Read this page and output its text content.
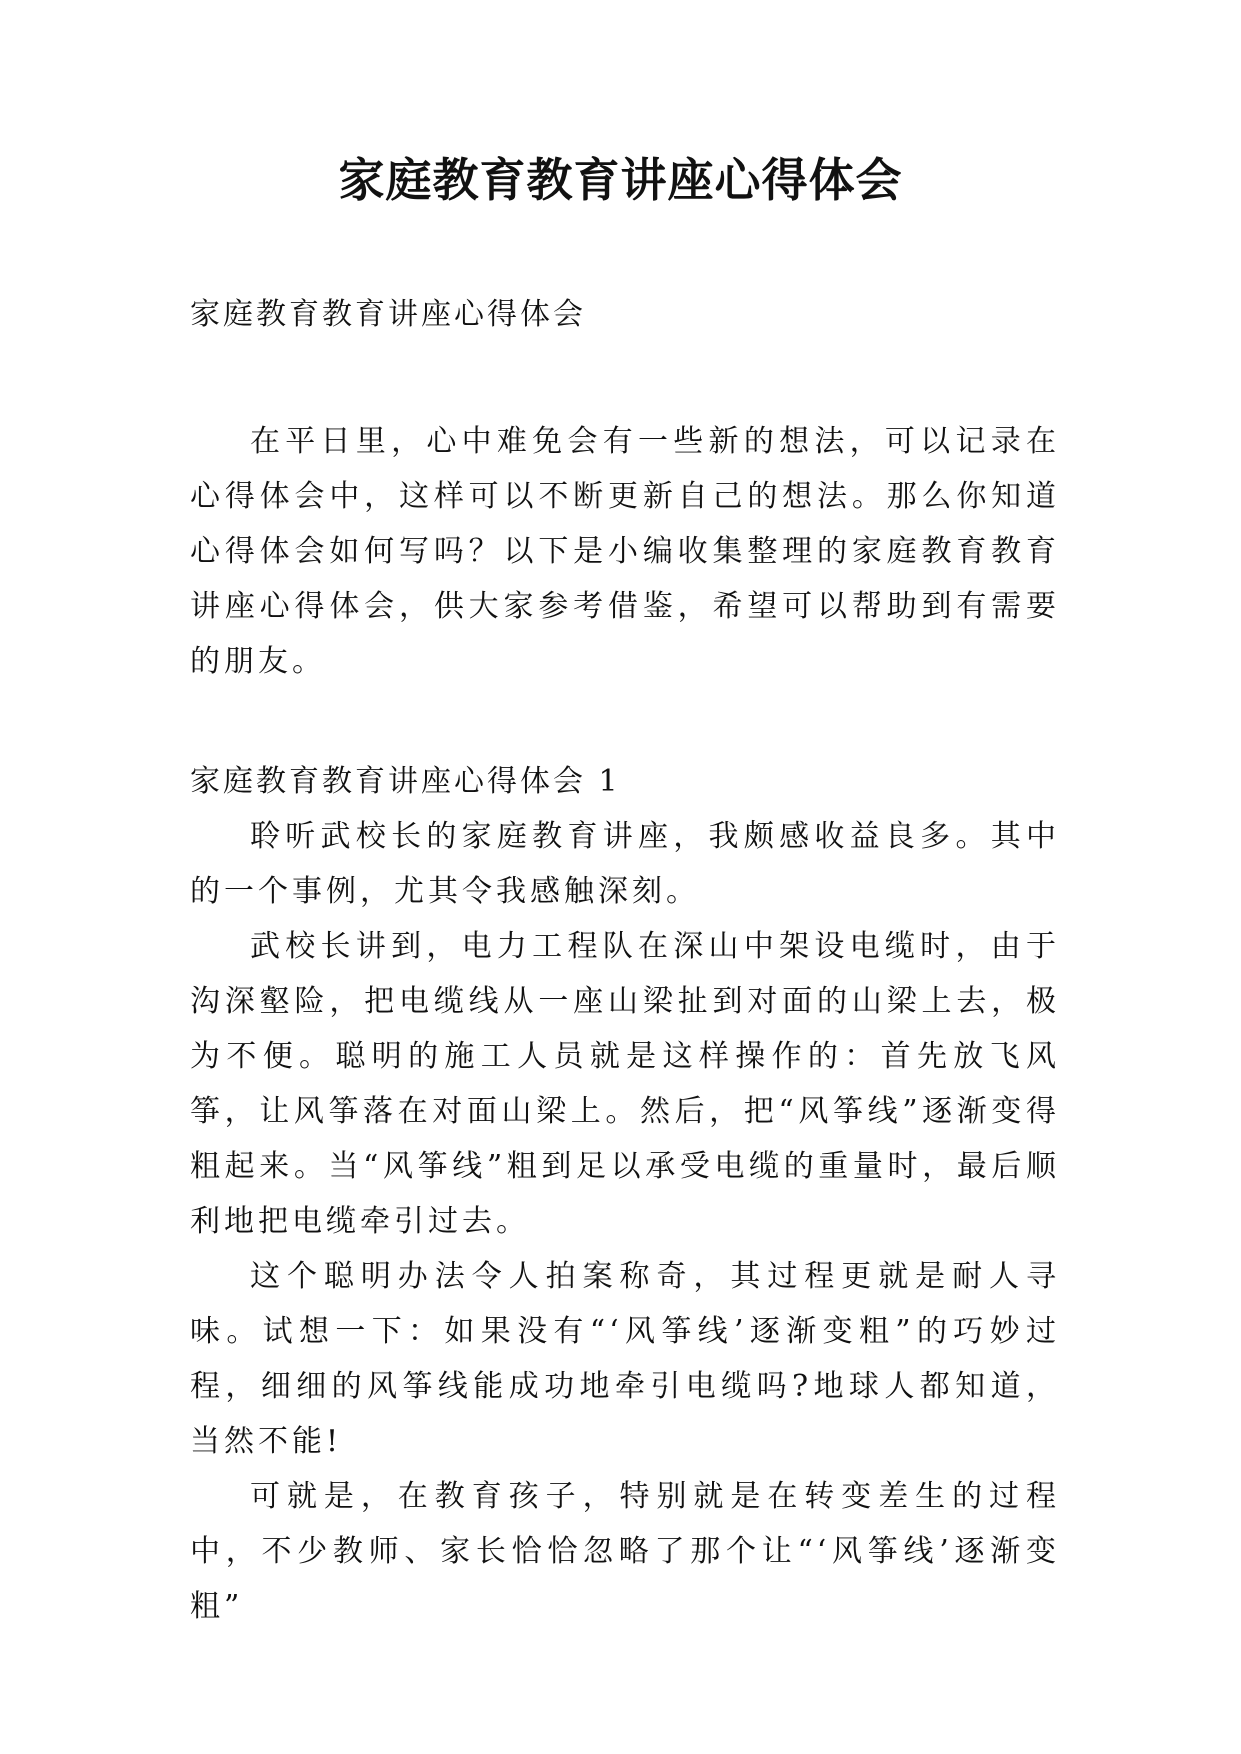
家庭教育教育讲座心得体会

家庭教育教育讲座心得体会

在平日里，心中难免会有一些新的想法，可以记录在心得体会中，这样可以不断更新自己的想法。那么你知道心得体会如何写吗？以下是小编收集整理的家庭教育教育讲座心得体会，供大家参考借鉴，希望可以帮助到有需要的朋友。

家庭教育教育讲座心得体会 1

聆听武校长的家庭教育讲座，我颇感收益良多。其中的一个事例，尤其令我感触深刻。

武校长讲到，电力工程队在深山中架设电缆时，由于沟深壑险，把电缆线从一座山梁扯到对面的山梁上去，极为不便。聪明的施工人员就是这样操作的：首先放飞风筝，让风筝落在对面山梁上。然后，把“风筝线”逐渐变得粗起来。当“风筝线”粗到足以承受电缆的重量时，最后顺利地把电缆牵引过去。

这个聪明办法令人拍案称奇，其过程更就是耐人寻味。试想一下：如果没有“‘风筝线’逐渐变粗”的巧妙过程，细细的风筝线能成功地牵引电缆吗?地球人都知道，当然不能!

可就是，在教育孩子，特别就是在转变差生的过程中，不少教师、家长恰恰忽略了那个让“‘风筝线’逐渐变粗”
